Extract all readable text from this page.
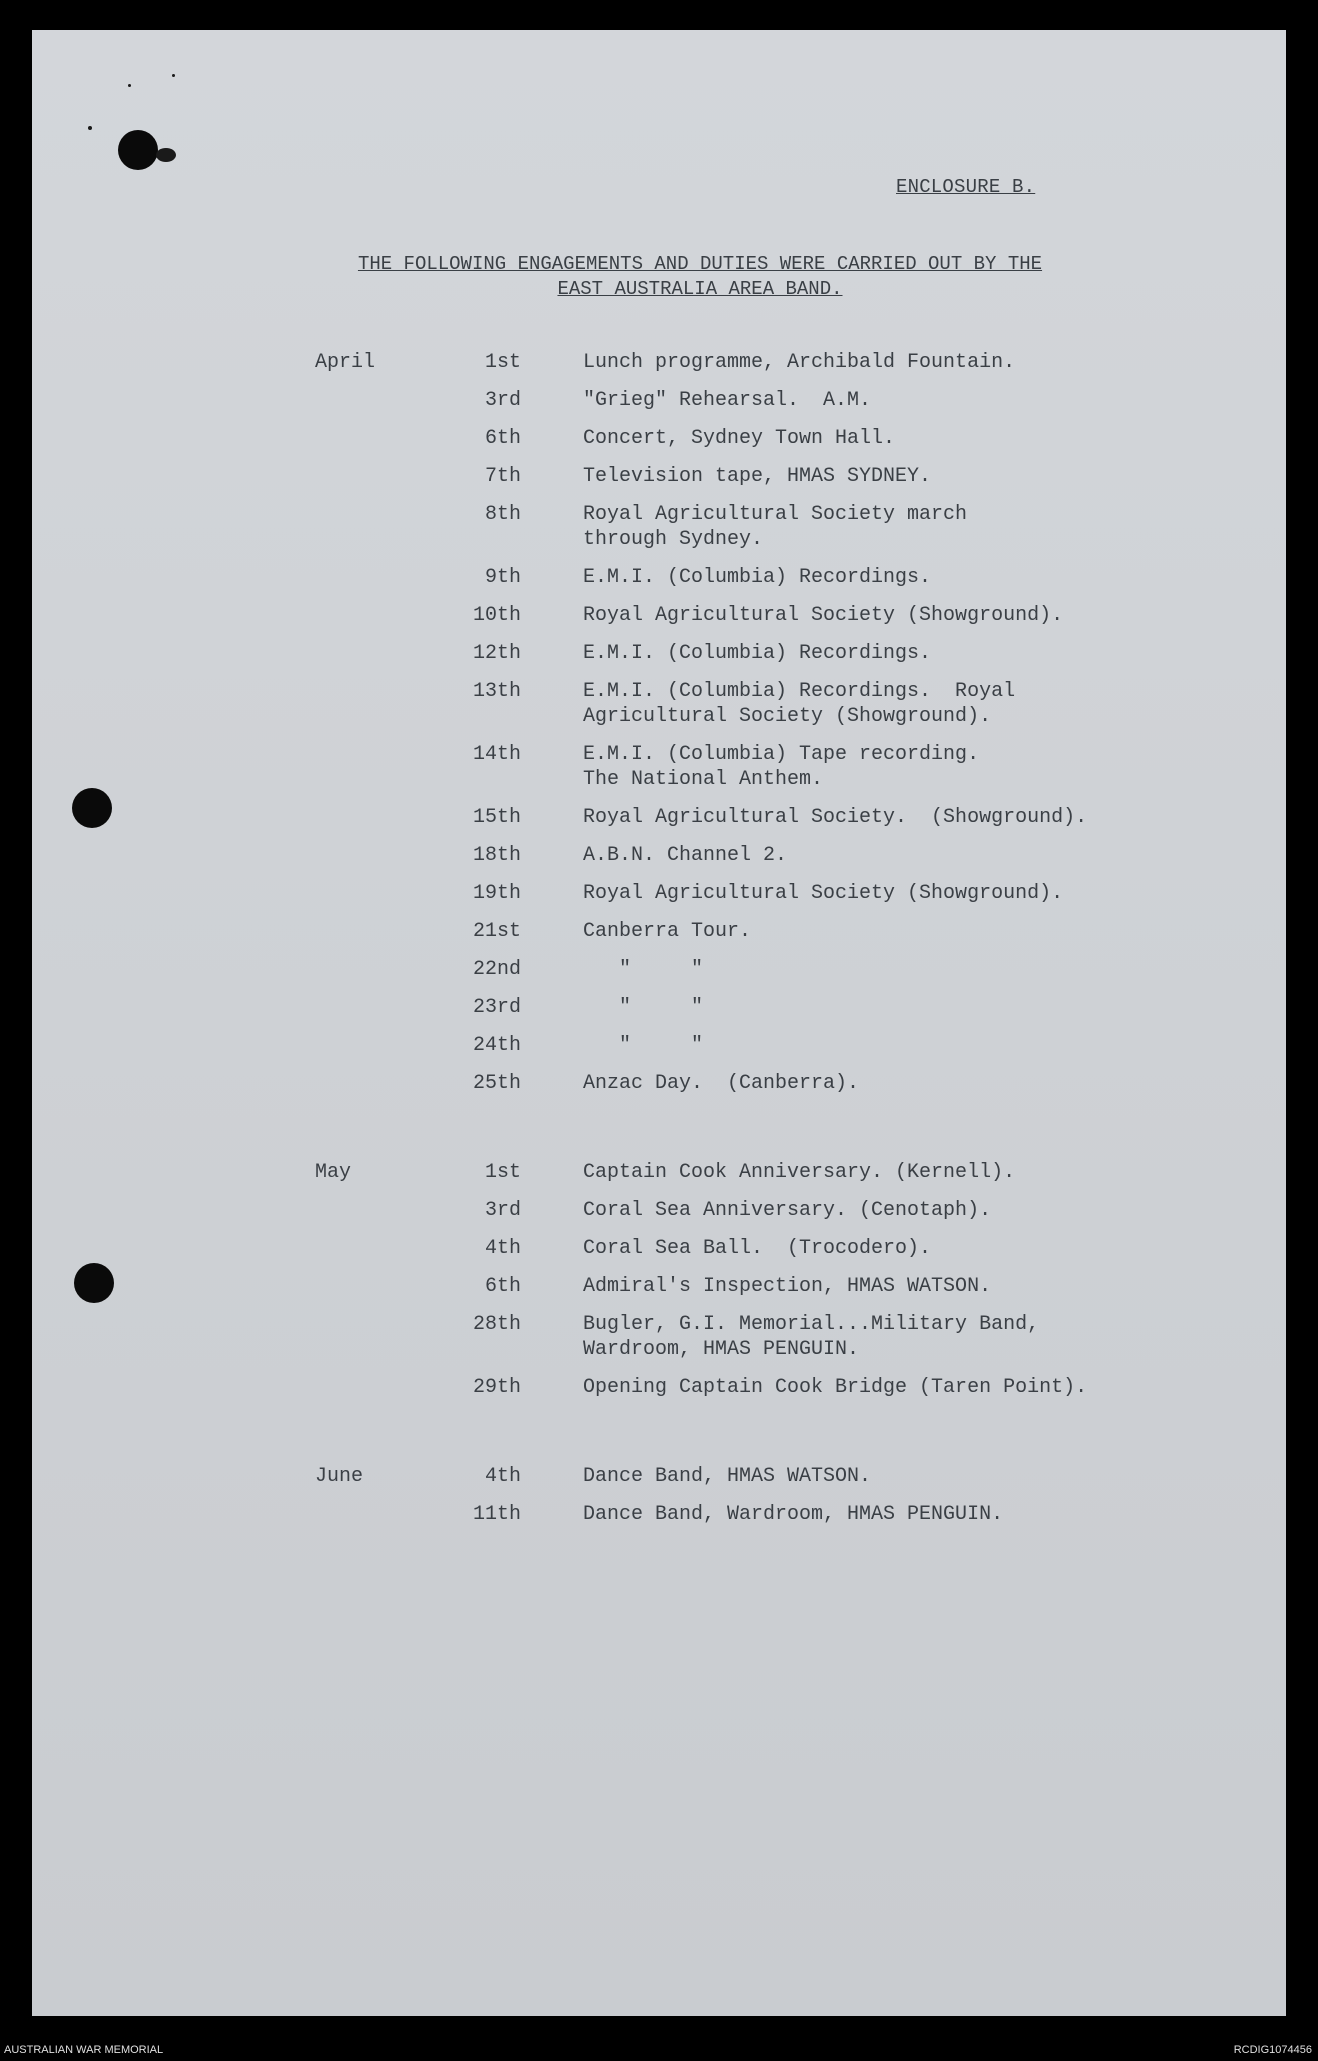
ENCLOSURE B.
THE FOLLOWING ENGAGEMENTS AND DUTIES WERE CARRIED OUT BY THE
EAST AUSTRALIA AREA BAND.
April	1st	Lunch programme, Archibald Fountain.
3rd	"Grieg" Rehearsal.  A.M.
6th	Concert, Sydney Town Hall.
7th	Television tape, HMAS SYDNEY.
8th	Royal Agricultural Society march
through Sydney.
9th	E.M.I. (Columbia) Recordings.
10th	Royal Agricultural Society (Showground).
12th	E.M.I. (Columbia) Recordings.
13th	E.M.I. (Columbia) Recordings.  Royal
Agricultural Society (Showground).
14th	E.M.I. (Columbia) Tape recording.
The National Anthem.
15th	Royal Agricultural Society.  (Showground).
18th	A.B.N. Channel 2.
19th	Royal Agricultural Society (Showground).
21st	Canberra Tour.
22nd	"     "
23rd	"     "
24th	"     "
25th	Anzac Day.  (Canberra).
May	1st	Captain Cook Anniversary. (Kernell).
3rd	Coral Sea Anniversary. (Cenotaph).
4th	Coral Sea Ball.  (Trocodero).
6th	Admiral's Inspection, HMAS WATSON.
28th	Bugler, G.I. Memorial...Military Band,
Wardroom, HMAS PENGUIN.
29th	Opening Captain Cook Bridge (Taren Point).
June	4th	Dance Band, HMAS WATSON.
11th	Dance Band, Wardroom, HMAS PENGUIN.
AUSTRALIAN WAR MEMORIAL	RCDIG1074456
